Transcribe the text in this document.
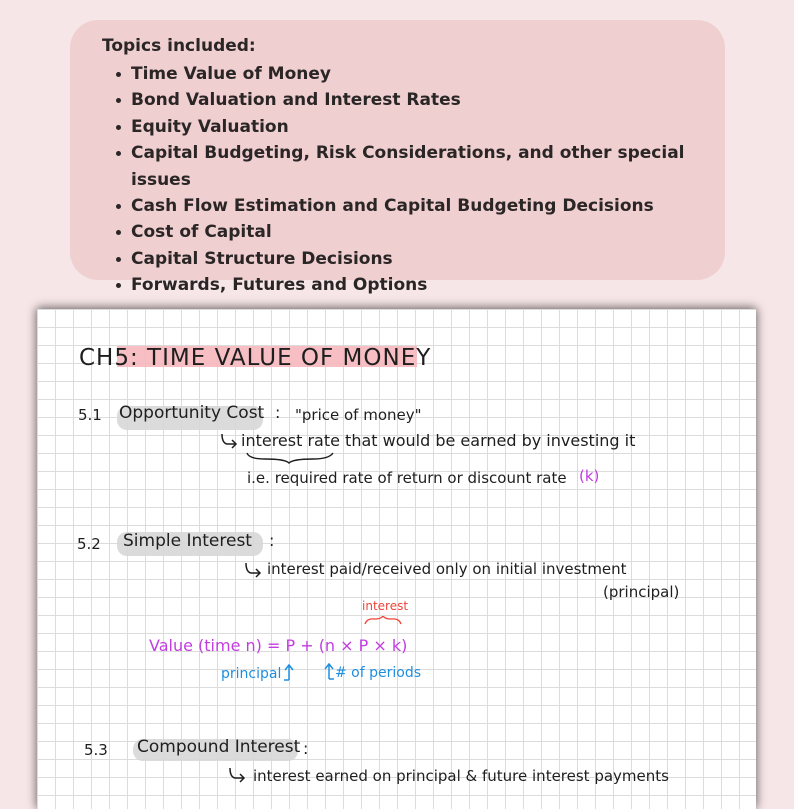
Topics included:
Time Value of Money
Bond Valuation and Interest Rates
Equity Valuation
Capital Budgeting, Risk Considerations, and other special issues
Cash Flow Estimation and Capital Budgeting Decisions
Cost of Capital
Capital Structure Decisions
Forwards, Futures and Options
CH5: TIME VALUE OF MONEY
5.1 Opportunity Cost : "price of money"
interest rate that would be earned by investing it
i.e. required rate of return or discount rate (k)
5.2 Simple Interest :
interest paid/received only on initial investment
(principal)
interest
Value (time n) = P + (n × P × k)
principal	# of periods
5.3 Compound Interest :
interest earned on principal & future interest payments
